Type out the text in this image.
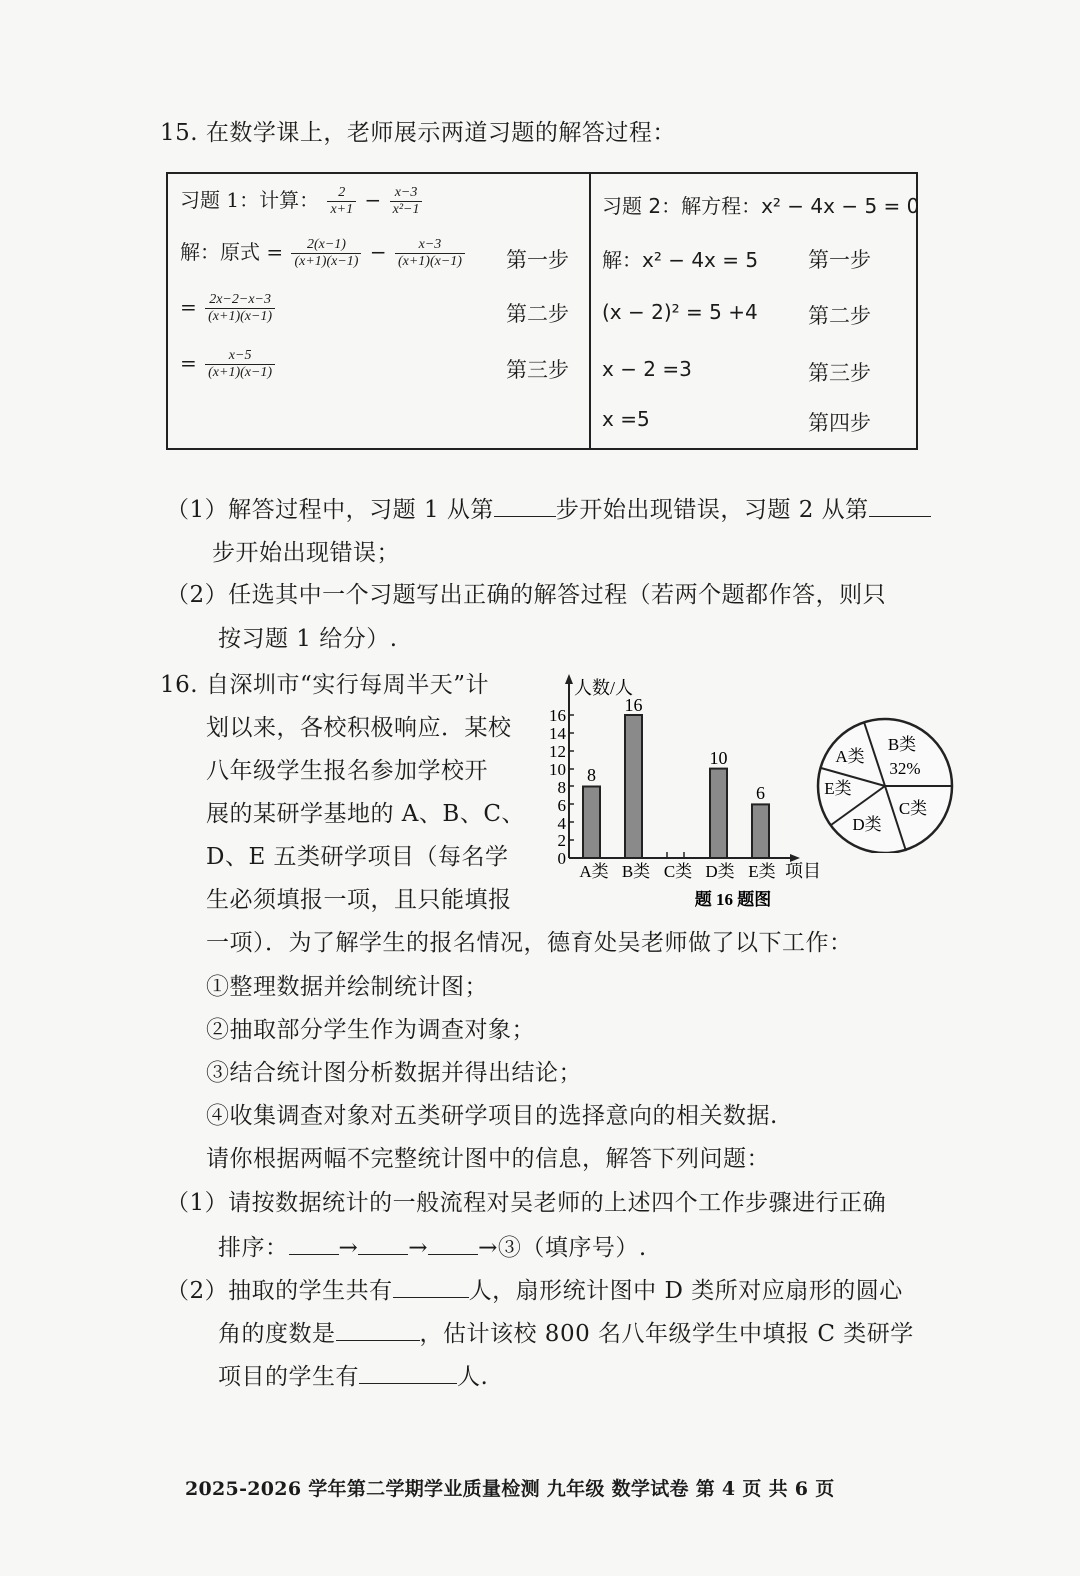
15. 在数学课上，老师展示两道习题的解答过程：
习题 1：计算： $\frac{2}{x+1} - \frac{x-3}{\text{x²−1}}$
解：原式 = $\frac{2(x-1)}{(x+1)(x-1)} - \frac{x-3}{(x+1)(x-1)}$ 第一步
= $\frac{2x-2-x-3}{(x+1)(x-1)}$	第二步
= $\frac{x-5}{(x+1)(x-1)}$	第三步
习题 2：解方程：x² − 4x − 5 = 0
解：x² − 4x = 5 第一步
(x − 2)² = 5 +4 第二步
x − 2 =3	第三步
x =5	第四步
（1）解答过程中，习题 1 从第	步开始出现错误，习题 2 从第
步开始出现错误；
（2）任选其中一个习题写出正确的解答过程（若两个题都作答，则只
按习题 1 给分）.
16. 自深圳市“实行每周半天”计
划以来，各校积极响应．某校
八年级学生报名参加学校开
展的某研学基地的 A、B、C、
D、E 五类研学项目（每名学
生必须填报一项，且只能填报
一项）．为了解学生的报名情况，德育处吴老师做了以下工作：
人数/人
0
2
4
6
8
10
12
14
16
8
16
10
6
A类 B类 C类 D类 E类 项目
题 16 题图
A类
B类
32%
E类
C类
D类
①整理数据并绘制统计图；
②抽取部分学生作为调查对象；
③结合统计图分析数据并得出结论；
④收集调查对象对五类研学项目的选择意向的相关数据.
请你根据两幅不完整统计图中的信息，解答下列问题：
（1）请按数据统计的一般流程对吴老师的上述四个工作步骤进行正确
排序： → → →③（填序号）.
（2）抽取的学生共有	人，扇形统计图中 D 类所对应扇形的圆心
角的度数是	，估计该校 800 名八年级学生中填报 C 类研学
项目的学生有	人.
2025-2026 学年第二学期学业质量检测 九年级 数学试卷 第 4 页 共 6 页
